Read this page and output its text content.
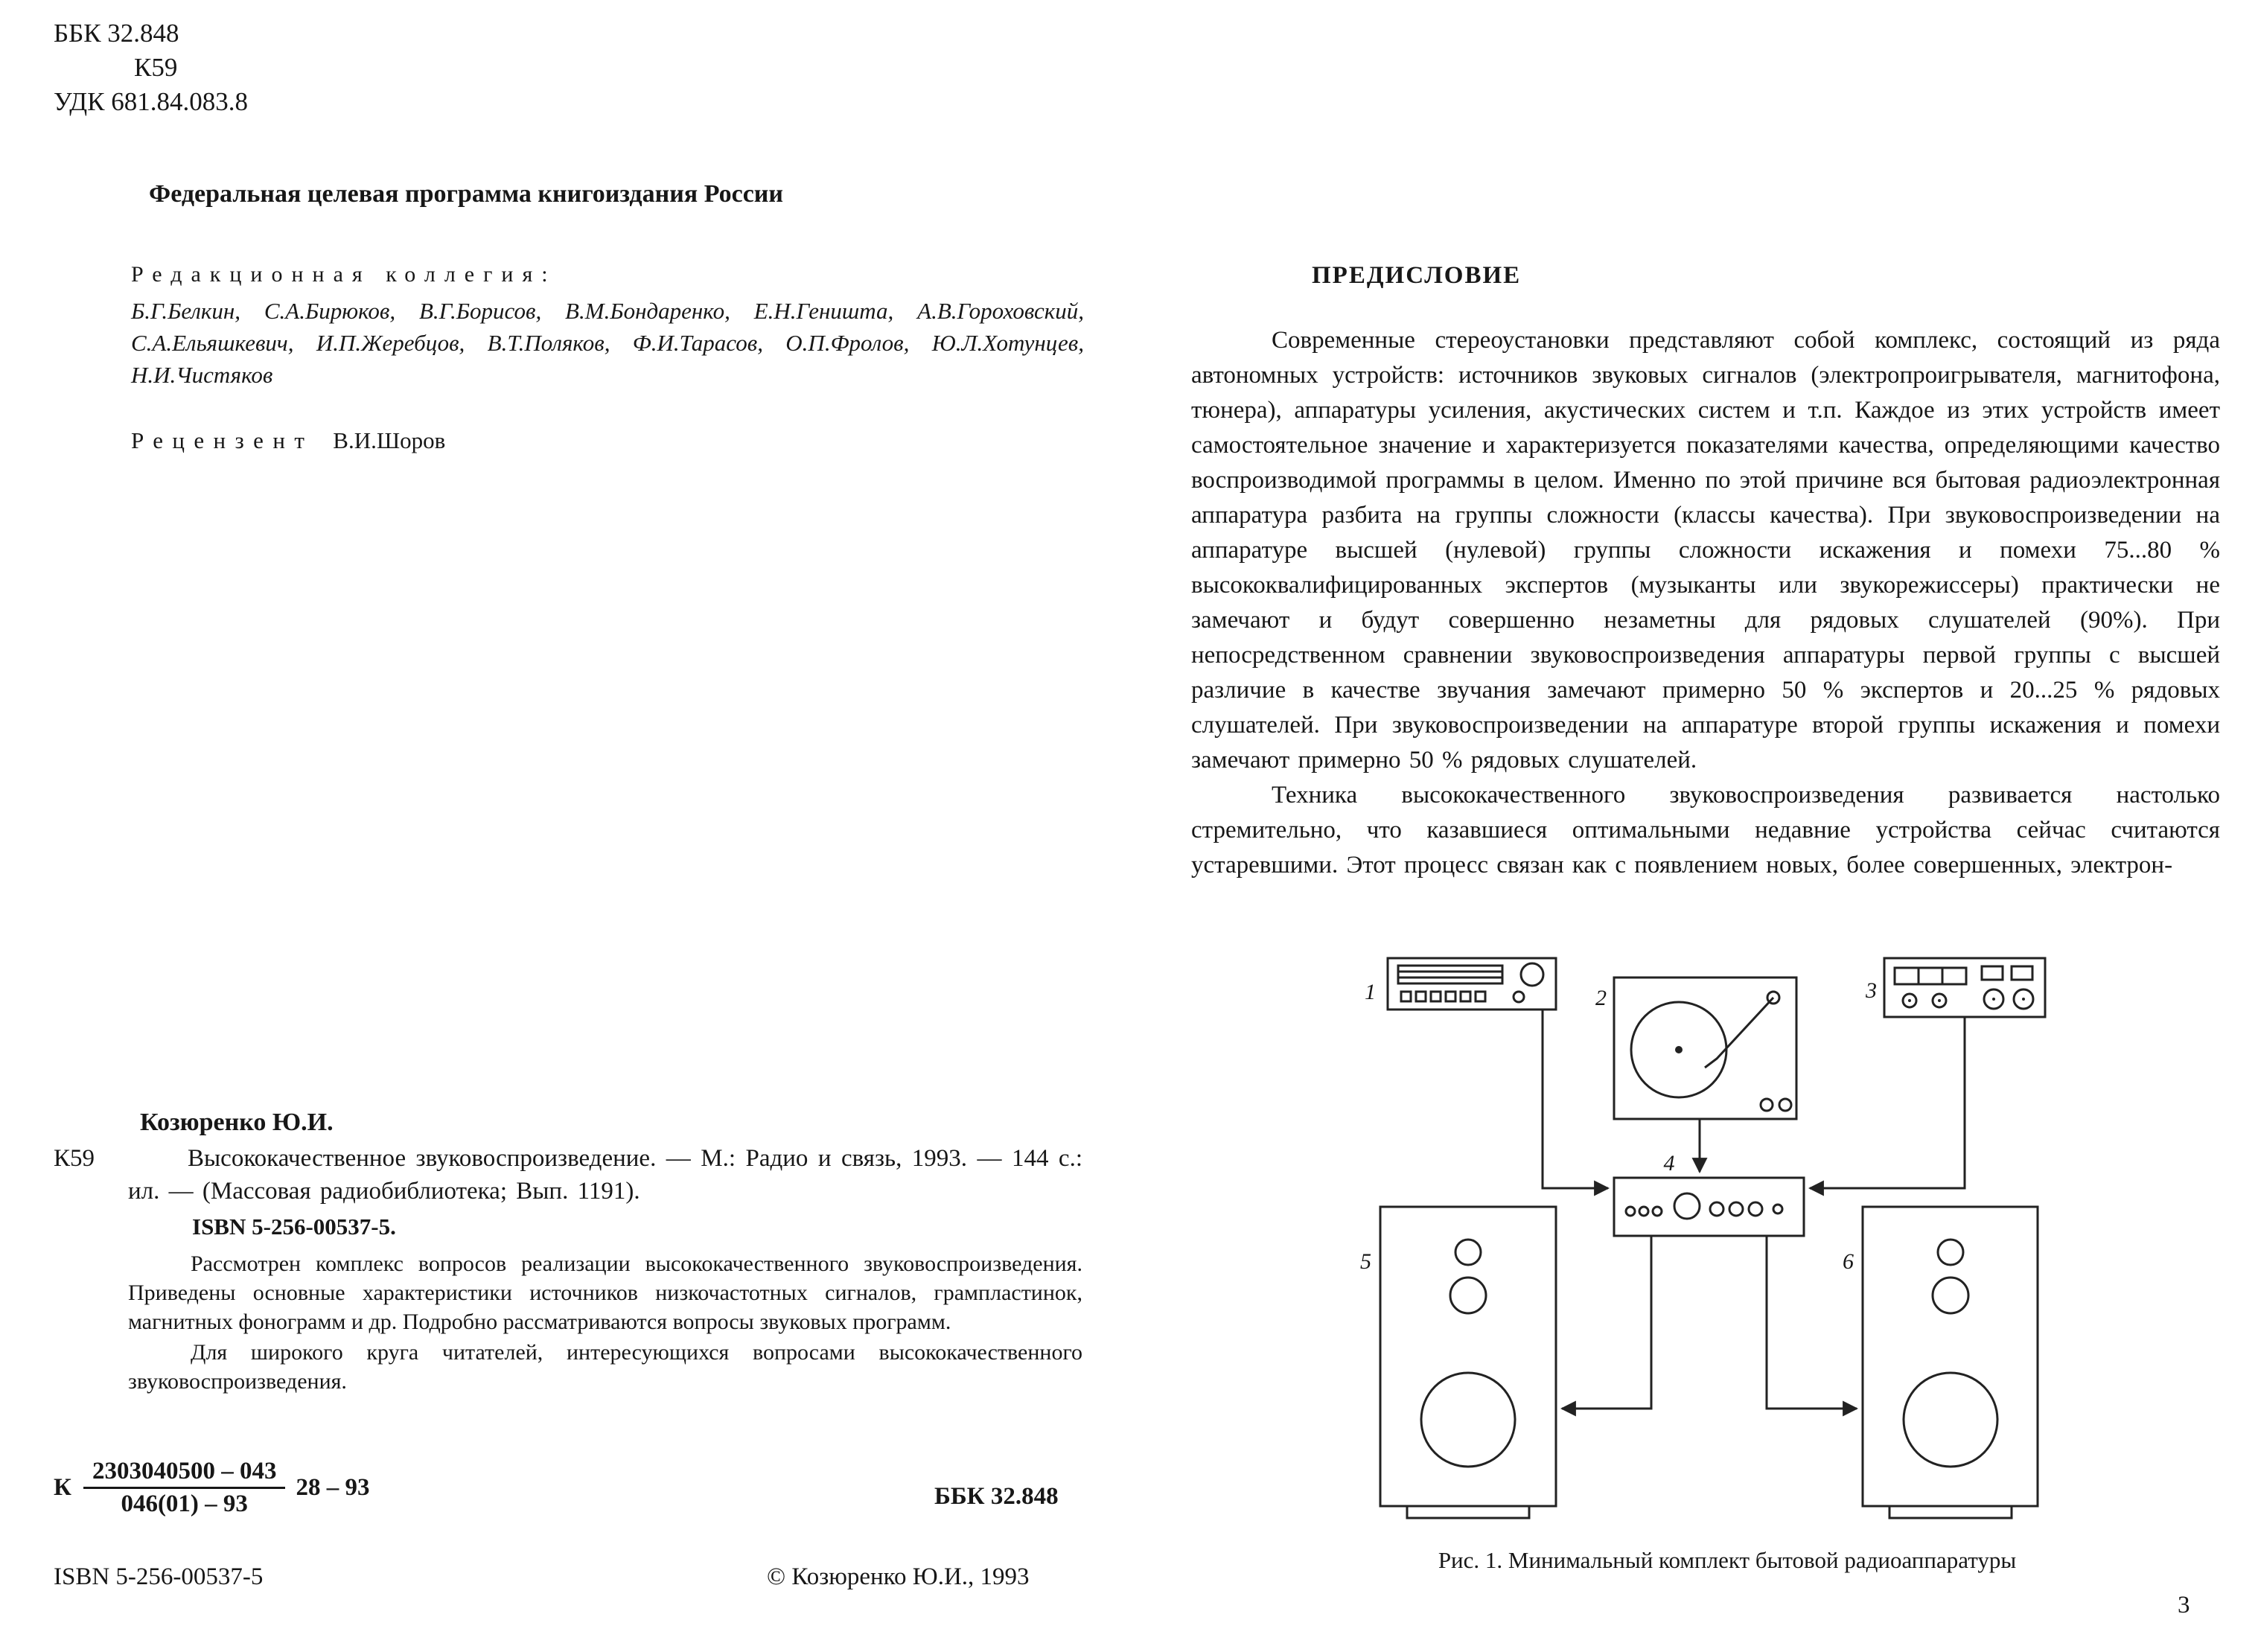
ББК 32.848
К59
УДК 681.84.083.8
Федеральная целевая программа книгоиздания России
Редакционная коллегия:
Б.Г.Белкин, С.А.Бирюков, В.Г.Борисов, В.М.Бондаренко, Е.Н.Геништа, А.В.Гороховский, С.А.Ельяшкевич, И.П.Жеребцов, В.Т.Поляков, Ф.И.Тарасов, О.П.Фролов, Ю.Л.Хотунцев, Н.И.Чистяков
Рецензент В.И.Шоров
Козюренко Ю.И.
К59	Высококачественное звуковоспроизведение. — М.: Радио и связь, 1993. — 144 с.: ил. — (Массовая радиобиблиотека; Вып. 1191).
ISBN 5-256-00537-5.
Рассмотрен комплекс вопросов реализации высококачественного звуковоспроизведения. Приведены основные характеристики источников низкочастотных сигналов, грампластинок, магнитных фонограмм и др. Подробно рассматриваются вопросы звуковых программ.
Для широкого круга читателей, интересующихся вопросами высококачественного звуковоспроизведения.
К $\frac{2303040500 - 043}{046(01) - 93} 28 - 93$	ББК 32.848
ISBN 5-256-00537-5	© Козюренко Ю.И., 1993
ПРЕДИСЛОВИЕ

Современные стереоустановки представляют собой комплекс, состоящий из ряда автономных устройств: источников звуковых сигналов (электропроигрывателя, магнитофона, тюнера), аппаратуры усиления, акустических систем и т.п. Каждое из этих устройств имеет самостоятельное значение и характеризуется показателями качества, определяющими качество воспроизводимой программы в целом. Именно по этой причине вся бытовая радиоэлектронная аппаратура разбита на группы сложности (классы качества). При звуковоспроизведении на аппаратуре высшей (нулевой) группы сложности искажения и помехи 75...80 % высококвалифицированных экспертов (музыканты или звукорежиссеры) практически не замечают и будут совершенно незаметны для рядовых слушателей (90%). При непосредственном сравнении звуковоспроизведения аппаратуры первой группы с высшей различие в качестве звучания замечают примерно 50 % экспертов и 20...25 % рядовых слушателей. При звуковоспроизведении на аппаратуре второй группы искажения и помехи замечают примерно 50 % рядовых слушателей.

Техника высококачественного звуковоспроизведения развивается настолько стремительно, что казавшиеся оптимальными недавние устройства сейчас считаются устаревшими. Этот процесс связан как с появлением новых, более совершенных, электрон-

1	2	3
4
5	6
Рис. 1. Минимальный комплект бытовой радиоаппаратуры
3
